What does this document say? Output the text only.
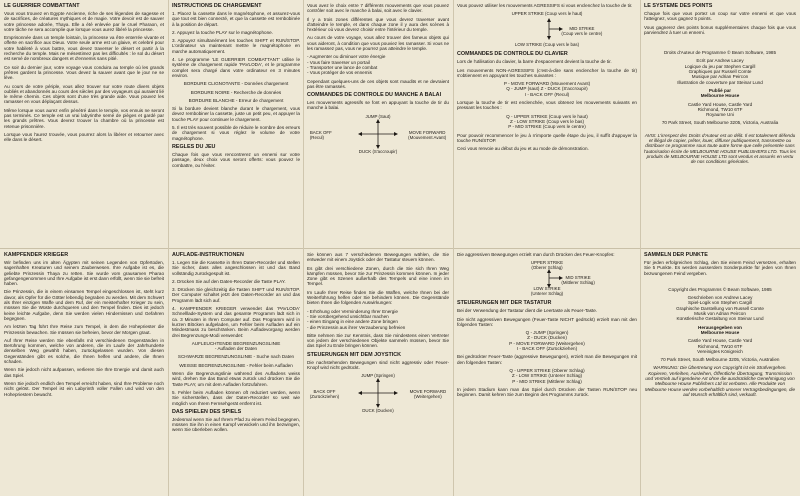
LE GUERRIER COMBATTANT

Vous vous trouvez en Egypte Ancienne, riche de ses légendes de sagesse et de sacrifices, de créatures mythiques et de magie. Votre devoir est de sauver votre princesse adorée, Thaya. Elle a été enlevée par le cruel Pharaon, et votre tâche ne sera accomplie que lorsque vous aurez libéré la princesse.

Emprisonnée dans un temple lointain, la princesse va être enterrée vivante et offerte en sacrifice aux Dieux. Votre seule arme est un glaive, et celebré pour votre habileté à vous battre, vous devez traverser le désert et partir à la recherche du temple. Mais ne mésestimez pas les difficultés : le sol du désert est semé de nombreux dangers et d'ennemis sans pitié.

Ce soir du dernier jour, votre voyage vous conduira au temple où les grands prêtres gardent la princesse. Vous devez la sauver avant que le jour ne se lève.

Au cours de votre périple, vous allez trouver sur votre route divers objets oubliés et abandonnés au cours des siècles par des voyageurs qui auraient lié le même chemin. Ces objets sont d'une très grande aide. Vous pouvez les ramasser en vous déplaçant dessus.

Même lorsque vous aurez enfin pénétré dans le temple, vos ennuis ne seront pas terminés. Ce temple est un vrai labyrinthe semé de pièges et gardé par les grands prêtres. Vous devrez trouver la chambre où la princesse est retenue prisonnière.

Lorsque vous l'aurez trouvée, vous pourrez alors la libérer et retourner avec elle dans le désert.

INSTRUCTIONS DE CHARGEMENT

1. Placez la cassette dans le magnétophone, et assurez-vous que tout est bien connecté, et que la cassette est rembobinée à la position de départ.

2. Appuyez la touche PLAY sur le magnétophone.

3. Appuyez simultanément les touches SHIFT et RUN/STOP. L'ordinateur va maintenant mettre le magnétophone en marche automatiquement.

4. Le programme 'LE GUERRIER COMBATTANT' utilise le système de chargement rapide 'PAVLODA', et le programme complet sera chargé dans votre ordinateur en 3 minutes environ.

BORDURE CLIGNOTANTE - Données chargement

BORDURE NOIRE - Recherche de données

BORDURE BLANCHE - Erreur de chargement

Si la bordure devient blanche durant le chargement, vous devez rembobiner la cassette, juste un petit peu, et appuyer la touche PLAY pour continuer le chargement.

5. Il est très souvent possible de réduire le nombre des erreurs de chargement si vous réglez le volume de votre magnétophone.

REGLES DU JEU

Chaque fois que vous rencontrerez un ennemi sur votre passage, deux choix vous seront offerts: vous pouvez le combattre, ou l'éviter.

Vous avez le choix entre 7 différents mouvements que vous pouvez contrôler soit avec le manche à balai, soit avec le clavier.

Il y a trois zones différentes que vous devrez traverser avant d'atteindre le temple, et dans chaque zone il y aura des scènes à l'extérieur où vous devrez choisir entre l'intérieur du temple.

Au cours de votre voyage, vous allez trouver des fameux objets qui vous aideront, à condition que vous pouviez les ramasser. Si vous ne les ramassez pas, vous ne pourrez pas atteindre le temple.

- Augmenter ou diminuer votre énergie
- Vous faire traverser un portail
- Transporter une lance de combat
- Vous protéger de vos ennemis

Cependant quelques-uns de ces objets sont maudits et ne devraient pas être ramassés.

COMMANDES DE CONTROLE DU MANCHE A BALAI

Les mouvements agressifs se font en appuyant la touche de tir du manche à balai.

JUMP (Saut)
BACK OFF
(Recul)
MOVE FORWARD
(Mouvement Avant)
DUCK (S'accroupir)

Vous pouvez utiliser les mouvements AGRESSIFS si vous enclenchez la touche de tir.

UPPER STRIKE (Coup vers le haut)
MID STRIKE
(Coup vers le centre)
LOW STRIKE (Coup vers le bas)

COMMANDES DE CONTROLE DU CLAVIER

Lors de l'utilisation du clavier, la barre d'espacement devient la touche de tir.

Les mouvements NON-AGRESSIFS (c'est-à-dire sans enclencher la touche de tir) s'obtiennent en appuyant les touches suivantes :

P - MOVE FORWARD (Mouvement Avant)
Q - JUMP (saut) Z - DUCK (S'accroupir)
I - BACK OFF (Recul)

Lorsque la touche de tir est enclenchée, vous obtenez les mouvements suivants en pressant les touches :

Q - UPPER STRIKE (Coup vers le haut)
Z - LOW STRIKE (Coup vers le bas)
P - MID STRIKE (Coup vers le centre)

Pour pouvoir recommencer le jeu à n'importe quelle étape du jeu, il suffit d'appuyer la touche RUN/STOP.

Ceci vous renvoie au début du jeu et au mode de démonstration.

LE SYSTEME DES POINTS

Chaque fois que vous portez un coup sur votre ennemi et que vous l'atteignez, vous gagnez 5 points.

Vous gagnerez des points bonus supplémentaires chaque fois que vous parviendrez à tuer un ennemi.

Droits d'Auteur de Programme © Beam Software, 1985

Ecrit par Andrew Lacey
Logique du jeu par Stephen Cargill
Graphiques par Russell Comte
Musique par Adrian Peircon
Illustration de couverture par Steinar Lund

Publié par
Melbourne House

Castle Yard House, Castle Yard
Richmond, TW10 6TF
Royaume Uni

70 Park Street, South Melbourne 3205, Victoria, Australia

AVIS: L'irrespect des Droits d'Auteur est un délit. Il est totalement défendu et illégal de copier, prêter, louer, diffuser publiquement, transmettre ou distribuer ce programme sous toute autre forme que celle présentée sans l'autorisation écrite de MELBOURNE HOUSE PUBLISHERS LTD. Tous les produits de MELBOURNE HOUSE LTD sont vendus et assurés en vertu de nos conditions générales.

KAMPFENDER KRIEGER

Wir befinden uns im alten Ägypten mit seinen Legenden von Opfertoden, sagenhaften Kreaturen und seinem Zauberwesen. Ihre Aufgabe ist es, die geliebte Prinzessin Thaya zu retten. Sie wurde vom grausamen Pharao gefangengenommen und Ihre Aufgabe ist erst dann erfüllt, wenn Sie sie befreit haben.

Die Prinzessin, die in einem einsamen Tempel eingeschlossen ist, steht kurz davor, als Opfer für die Götter lebendig begraben zu werden. Mit dem Schwert als Ihrer einzigen Waffe und dem Ruf, der ein meisterhafter Krieger zu sein, müssen Sie die Wüste durchqueren und den Tempel finden. Dies ist jedoch keine leichte Aufgabe, denn Sie werden vielen Hindernissen und Gefahren begegnen.

Am letzten Tag führt Ihre Reise zum Tempel, in dem die Hohepriester die Prinzessin bewachen. Sie müssen sie befreien, bevor der Morgen graut.

Auf Ihrer Reise werden Sie ebenfalls mit verschiedenen Gegenständen in Berührung kommen, welche von anderen, die im Laufe der Jahrhunderte denselben Weg gewählt haben, zurückgelassen wurden. Von diesen Gegenständen gibt es solche, die Ihnen helfen und andere, die Ihnen schaden.

Wenn Sie jedoch nicht aufpassen, verlieren Sie Ihre Energie und damit auch das Spiel.

Wenn Sie jedoch endlich den Tempel erreicht haben, sind Ihre Probleme noch nicht gelöst. Der Tempel ist ein Labyrinth voller Fallen und wird von den Hohepriestern bewacht.

AUFLADE-INSTRUKTIONEN

1. Legen Sie die Kassette in Ihren Daten-Recorder und stellen Sie sicher, dass alles angeschlossen ist und das Band vollständig zurückgespult ist.

2. Drücken Sie auf den Daten-Recorder die Taste PLAY.

3. Drücken Sie gleichzeitig die Tasten SHIFT und RUN/STOP. Der Computer schaltet jetzt den Daten-Recorder an und das Programm lädt sich auf.

4. KAMPFENDER KRIEGER verwendet das 'PAVLODA' Schnelllade-System und das gesamte Programm lädt sich in ca. 3 Minuten in Ihren Computer auf. Das Programm wird in kurzen Blöcken aufgeladen, um Fehler beim Aufladen auf ein Mindestmass zu beschränken. Beim Aufladevorgang werden drei Begrenzungs-Modi verwendet:

AUFLEUCHTENDE BEGRENZUNGSLINIE
- Aufladen der Daten

SCHWARZE BEGRENZUNGSLINIE - Suche nach Daten

WEISSE BEGRENZUNGSLINIE - Fehler beim Aufladen

Wenn die Begrenzungslinie während des Aufladens weiss wird, drehen Sie das Band etwas zurück und drücken Sie die Taste PLAY, um mit dem Aufladen fortzufahren.

5. Fehler beim Aufladen können oft reduziert werden, wenn Sie sicherstellen, dass der Daten-Recorder so weit wie möglich von Ihrem Fernsehgerät entfernt ist.

DAS SPIELEN DES SPIELS

Jedesmal wenn Sie auf Ihrem Pfad zu einem Feind begegnen, müssen Sie ihn in einen Kampf verwickeln und ihn bezwingen, wenn Sie überleben wollen.

Sie können aus 7 verschiedenen Bewegungen wählen, die Sie entweder mit einem Joystick oder der Tastatur steuern können.

Es gibt drei verschiedene Zonen, durch die Sie sich Ihren Weg kämpfen müssen, bevor Sie zur Prinzessin kommen können. In jeder Zone gibt es Szenen außerhalb des Tempels und eine innen im Tempel.

Im Laufe Ihrer Reise finden Sie die Waffen, welche Ihnen bei der Weiterführung helfen oder Sie behindern können. Die Gegenstände bieten Ihnen die folgenden Auswirkungen:

- Erhöhung oder Verminderung Ihrer Energie
- Sie vorübergehend unsichtbar machen
- einen Eingang in eine andere Zone bringen
- die Prinzessin aus ihrer Verzauberung befreien

Bitte nehmen Sie zur Kenntnis, dass Sie mindestens einen Vertreter von jedem der verschiedenen Objekte sammeln müssen, bevor Sie das Spiel zu Ende bringen können.

STEUERUNGEN MIT DEM JOYSTICK

Die nachstehenden Bewegungen sind nicht aggressiv oder Feuer-Knopf wird nicht gedrückt.

JUMP (Springen)
BACK OFF
(Zurückziehen)
MOVE FORWARD
(Weitergehen)
DUCK (Ducken)

Die aggressiven Bewegungen erzielt man durch Drücken des Feuer-Knopfes:

UPPER STRIKE
(Oberer Schlag)
MID STRIKE
(Mittlerer Schlag)
LOW STRIKE
(Unterer Schlag)

STEUERUNGEN MIT DER TASTATUR

Bei der Verwendung der Tastatur dient die Leertaste als Feuer-Taste.

Die nicht aggressiven Bewegungen (Feuer-Taste NICHT gedrückt) erzielt man mit den folgenden Tasten:

Q - JUMP (Springen)
Z - DUCK (Ducken)
P - MOVE FORWARD (Weitergehen)
I - BACK OFF (Zurückziehen)

Bei gedrückter Feuer-Taste (aggressive Bewegungen), erzielt man die Bewegungen mit den folgenden Tasten:

Q - UPPER STRIKE (Oberer Schlag)
Z - LOW STRIKE (Unterer Schlag)
P - MID STRIKE (Mittlerer Schlag)

In jedem Stadium kann man das Spiel durch Drücken der Tasten RUN/STOP neu beginnen. Damit kehren Sie zum Beginn des Programms zurück.

SAMMELN DER PUNKTE

Für jeden erfolgreichen Schlag, den Sie einem Feind versetzen, erhalten Sie 5 Punkte. Es werden ausserdem Sonderpunkte für jeden von Ihnen bezwungenen Feind vergeben.

Copyright des Programms © Beam Software, 1985

Geschrieben von Andrew Lacey
Spiel-Logik von Stephen Cargill
Graphische Darstellung von Russell Comte
Musik von Adrian Peircon
Künstlerische Gestaltung von Steinar Lund

Herausgegeben von
Melbourne House

Castle Yard House, Castle Yard
Richmond, TW10 6TF
Vereinigtes Königreich

70 Park Street, South Melbourne 3205, Victoria, Australien

WARNUNG: Die Übertretung von Copyright ist ein Strafvergehen. Kopieren, Verleihen, Ausleihen, Öffentliche Übertragung, Transmission und Vertrieb auf irgendeine Art ohne die ausdrückliche Genehmigung von Melbourne House Publishers Ltd ist verboten. Alle Produkte von Melbourne House werden vorbehaltlich unserer Vertragsbedingungen, die auf Wunsch erhältlich sind, verkauft.
